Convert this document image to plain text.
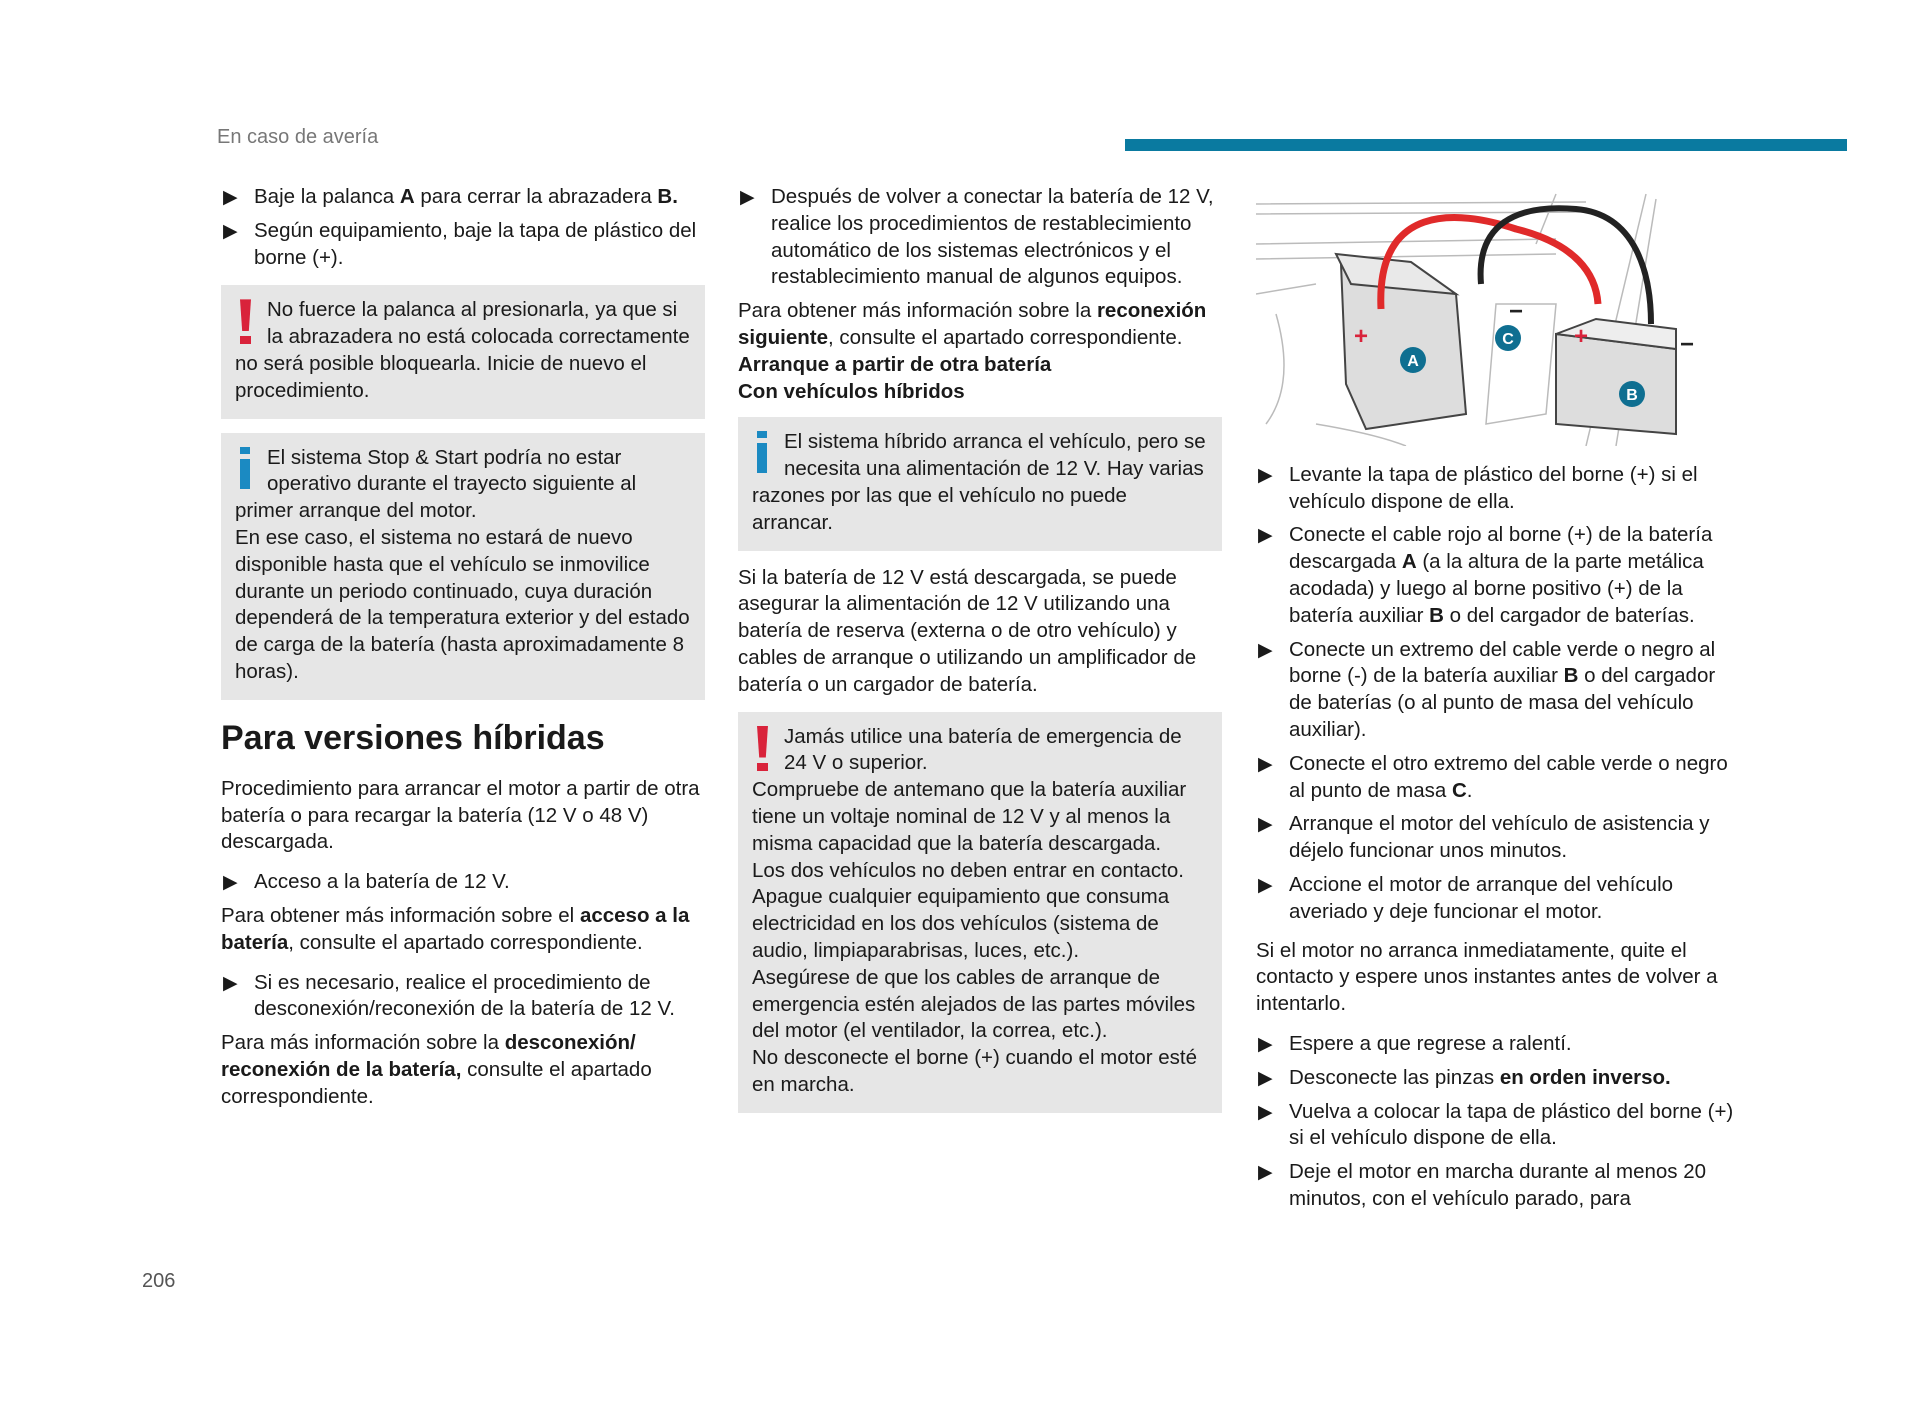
En caso de avería
206
▶ Baje la palanca A para cerrar la abrazadera B.
▶ Según equipamiento, baje la tapa de plástico del borne (+).
No fuerce la palanca al presionarla, ya que si la abrazadera no está colocada correctamente no será posible bloquearla. Inicie de nuevo el procedimiento.
El sistema Stop & Start podría no estar operativo durante el trayecto siguiente al primer arranque del motor.
En ese caso, el sistema no estará de nuevo disponible hasta que el vehículo se inmovilice durante un periodo continuado, cuya duración dependerá de la temperatura exterior y del estado de carga de la batería (hasta aproximadamente 8 horas).
Para versiones híbridas

Procedimiento para arrancar el motor a partir de otra batería o para recargar la batería (12 V o 48 V) descargada.

▶ Acceso a la batería de 12 V.

Para obtener más información sobre el acceso a la batería, consulte el apartado correspondiente.

▶ Si es necesario, realice el procedimiento de desconexión/reconexión de la batería de 12 V.

Para más información sobre la desconexión/ reconexión de la batería, consulte el apartado correspondiente.

▶ Después de volver a conectar la batería de 12 V, realice los procedimientos de restablecimiento automático de los sistemas electrónicos y el restablecimiento manual de algunos equipos.

Para obtener más información sobre la reconexión siguiente, consulte el apartado correspondiente.

Arranque a partir de otra batería
Con vehículos híbridos
El sistema híbrido arranca el vehículo, pero se necesita una alimentación de 12 V. Hay varias razones por las que el vehículo no puede arrancar.

Si la batería de 12 V está descargada, se puede asegurar la alimentación de 12 V utilizando una batería de reserva (externa o de otro vehículo) y cables de arranque o utilizando un amplificador de batería o un cargador de batería.

Jamás utilice una batería de emergencia de 24 V o superior.
Compruebe de antemano que la batería auxiliar tiene un voltaje nominal de 12 V y al menos la misma capacidad que la batería descargada.
Los dos vehículos no deben entrar en contacto.
Apague cualquier equipamiento que consuma electricidad en los dos vehículos (sistema de audio, limpiaparabrisas, luces, etc.).
Asegúrese de que los cables de arranque de emergencia estén alejados de las partes móviles del motor (el ventilador, la correa, etc.).
No desconecte el borne (+) cuando el motor esté en marcha.
+	+
−
−
A
B
C
▶ Levante la tapa de plástico del borne (+) si el vehículo dispone de ella.
▶ Conecte el cable rojo al borne (+) de la batería descargada A (a la altura de la parte metálica acodada) y luego al borne positivo (+) de la batería auxiliar B o del cargador de baterías.
▶ Conecte un extremo del cable verde o negro al borne (-) de la batería auxiliar B o del cargador de baterías (o al punto de masa del vehículo auxiliar).
▶ Conecte el otro extremo del cable verde o negro al punto de masa C.
▶ Arranque el motor del vehículo de asistencia y déjelo funcionar unos minutos.
▶ Accione el motor de arranque del vehículo averiado y deje funcionar el motor.

Si el motor no arranca inmediatamente, quite el contacto y espere unos instantes antes de volver a intentarlo.

▶ Espere a que regrese a ralentí.
▶ Desconecte las pinzas en orden inverso.
▶ Vuelva a colocar la tapa de plástico del borne (+) si el vehículo dispone de ella.
▶ Deje el motor en marcha durante al menos 20 minutos, con el vehículo parado, para
